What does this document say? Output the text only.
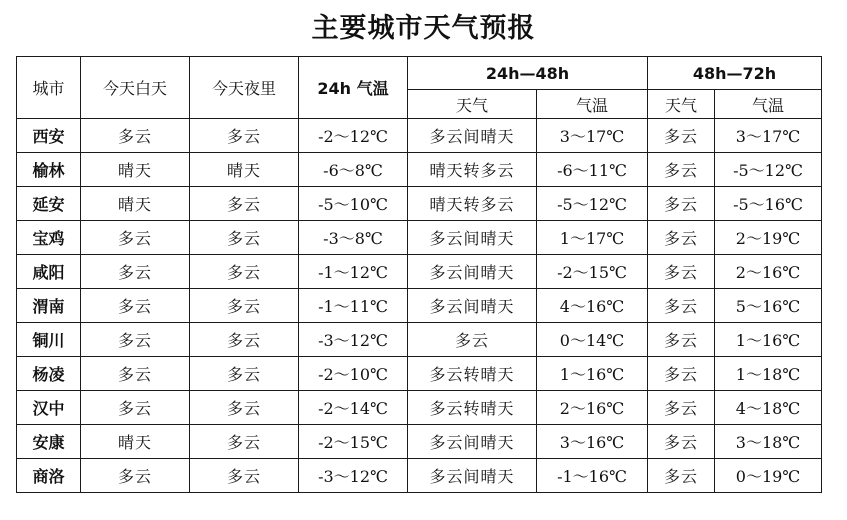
主要城市天气预报
城市	今天白天	今天夜里	24h 气温	24h—48h		48h—72h	
				天气	气温	天气	气温
西安	多云	多云	-2～12℃	多云间晴天	3～17℃	多云	3～17℃
榆林	晴天	晴天	-6～8℃	晴天转多云	-6～11℃	多云	-5～12℃
延安	晴天	多云	-5～10℃	晴天转多云	-5～12℃	多云	-5～16℃
宝鸡	多云	多云	-3～8℃	多云间晴天	1～17℃	多云	2～19℃
咸阳	多云	多云	-1～12℃	多云间晴天	-2～15℃	多云	2～16℃
渭南	多云	多云	-1～11℃	多云间晴天	4～16℃	多云	5～16℃
铜川	多云	多云	-3～12℃	多云	0～14℃	多云	1～16℃
杨凌	多云	多云	-2～10℃	多云转晴天	1～16℃	多云	1～18℃
汉中	多云	多云	-2～14℃	多云转晴天	2～16℃	多云	4～18℃
安康	晴天	多云	-2～15℃	多云间晴天	3～16℃	多云	3～18℃
商洛	多云	多云	-3～12℃	多云间晴天	-1～16℃	多云	0～19℃
